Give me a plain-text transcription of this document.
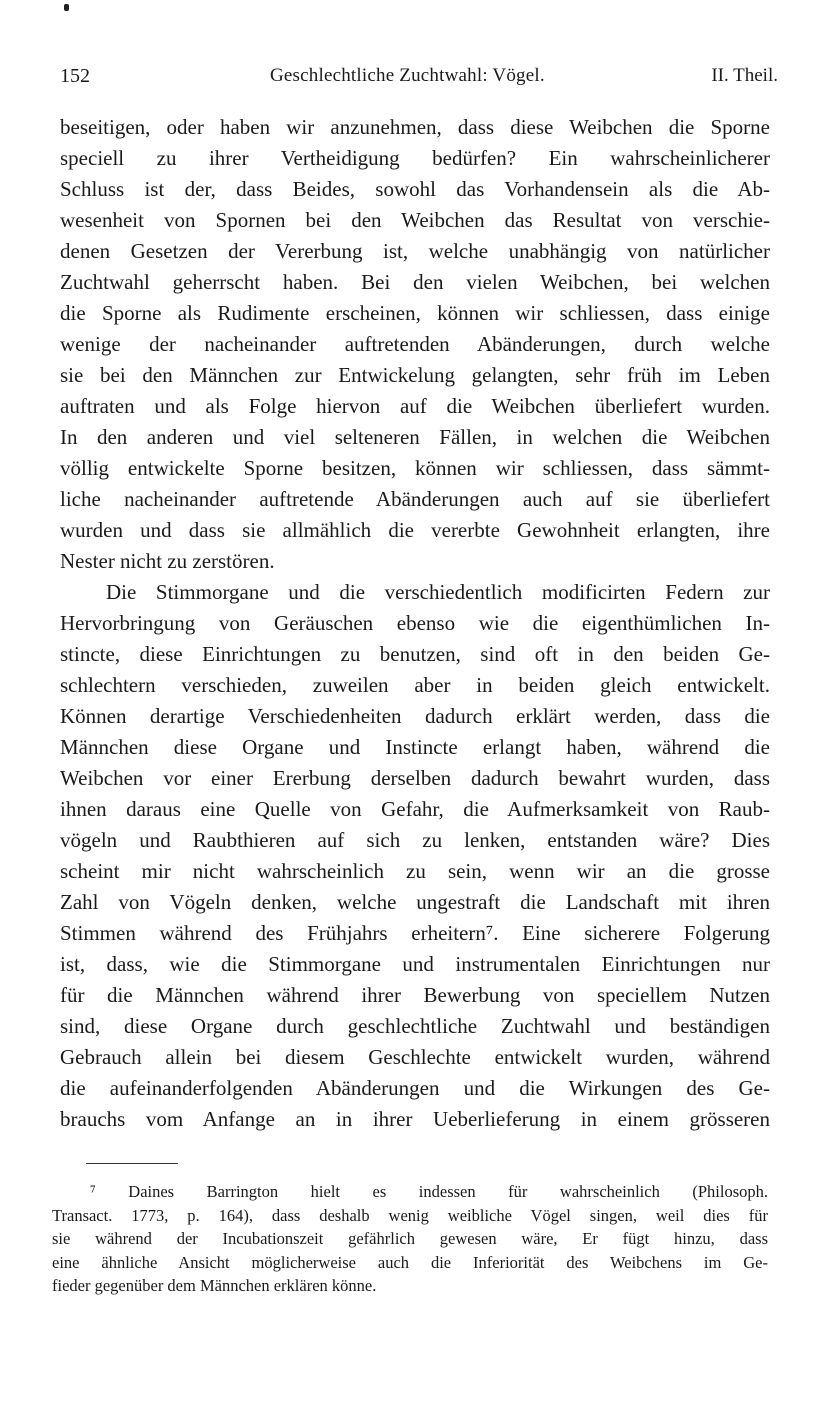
152	Geschlechtliche Zuchtwahl: Vögel.	II. Theil.
beseitigen, oder haben wir anzunehmen, dass diese Weibchen die Sporne
speciell zu ihrer Vertheidigung bedürfen? Ein wahrscheinlicherer
Schluss ist der, dass Beides, sowohl das Vorhandensein als die Ab-
wesenheit von Spornen bei den Weibchen das Resultat von verschie-
denen Gesetzen der Vererbung ist, welche unabhängig von natürlicher
Zuchtwahl geherrscht haben. Bei den vielen Weibchen, bei welchen
die Sporne als Rudimente erscheinen, können wir schliessen, dass einige
wenige der nacheinander auftretenden Abänderungen, durch welche
sie bei den Männchen zur Entwickelung gelangten, sehr früh im Leben
auftraten und als Folge hiervon auf die Weibchen überliefert wurden.
In den anderen und viel selteneren Fällen, in welchen die Weibchen
völlig entwickelte Sporne besitzen, können wir schliessen, dass sämmt-
liche nacheinander auftretende Abänderungen auch auf sie überliefert
wurden und dass sie allmählich die vererbte Gewohnheit erlangten, ihre
Nester nicht zu zerstören.
Die Stimmorgane und die verschiedentlich modificirten Federn zur
Hervorbringung von Geräuschen ebenso wie die eigenthümlichen In-
stincte, diese Einrichtungen zu benutzen, sind oft in den beiden Ge-
schlechtern verschieden, zuweilen aber in beiden gleich entwickelt.
Können derartige Verschiedenheiten dadurch erklärt werden, dass die
Männchen diese Organe und Instincte erlangt haben, während die
Weibchen vor einer Ererbung derselben dadurch bewahrt wurden, dass
ihnen daraus eine Quelle von Gefahr, die Aufmerksamkeit von Raub-
vögeln und Raubthieren auf sich zu lenken, entstanden wäre? Dies
scheint mir nicht wahrscheinlich zu sein, wenn wir an die grosse
Zahl von Vögeln denken, welche ungestraft die Landschaft mit ihren
Stimmen während des Frühjahrs erheitern⁷. Eine sicherere Folgerung
ist, dass, wie die Stimmorgane und instrumentalen Einrichtungen nur
für die Männchen während ihrer Bewerbung von speciellem Nutzen
sind, diese Organe durch geschlechtliche Zuchtwahl und beständigen
Gebrauch allein bei diesem Geschlechte entwickelt wurden, während
die aufeinanderfolgenden Abänderungen und die Wirkungen des Ge-
brauchs vom Anfange an in ihrer Ueberlieferung in einem grösseren
⁷ Daines Barrington hielt es indessen für wahrscheinlich (Philosoph.
Transact. 1773, p. 164), dass deshalb wenig weibliche Vögel singen, weil dies für
sie während der Incubationszeit gefährlich gewesen wäre, Er fügt hinzu, dass
eine ähnliche Ansicht möglicherweise auch die Inferiorität des Weibchens im Ge-
fieder gegenüber dem Männchen erklären könne.
